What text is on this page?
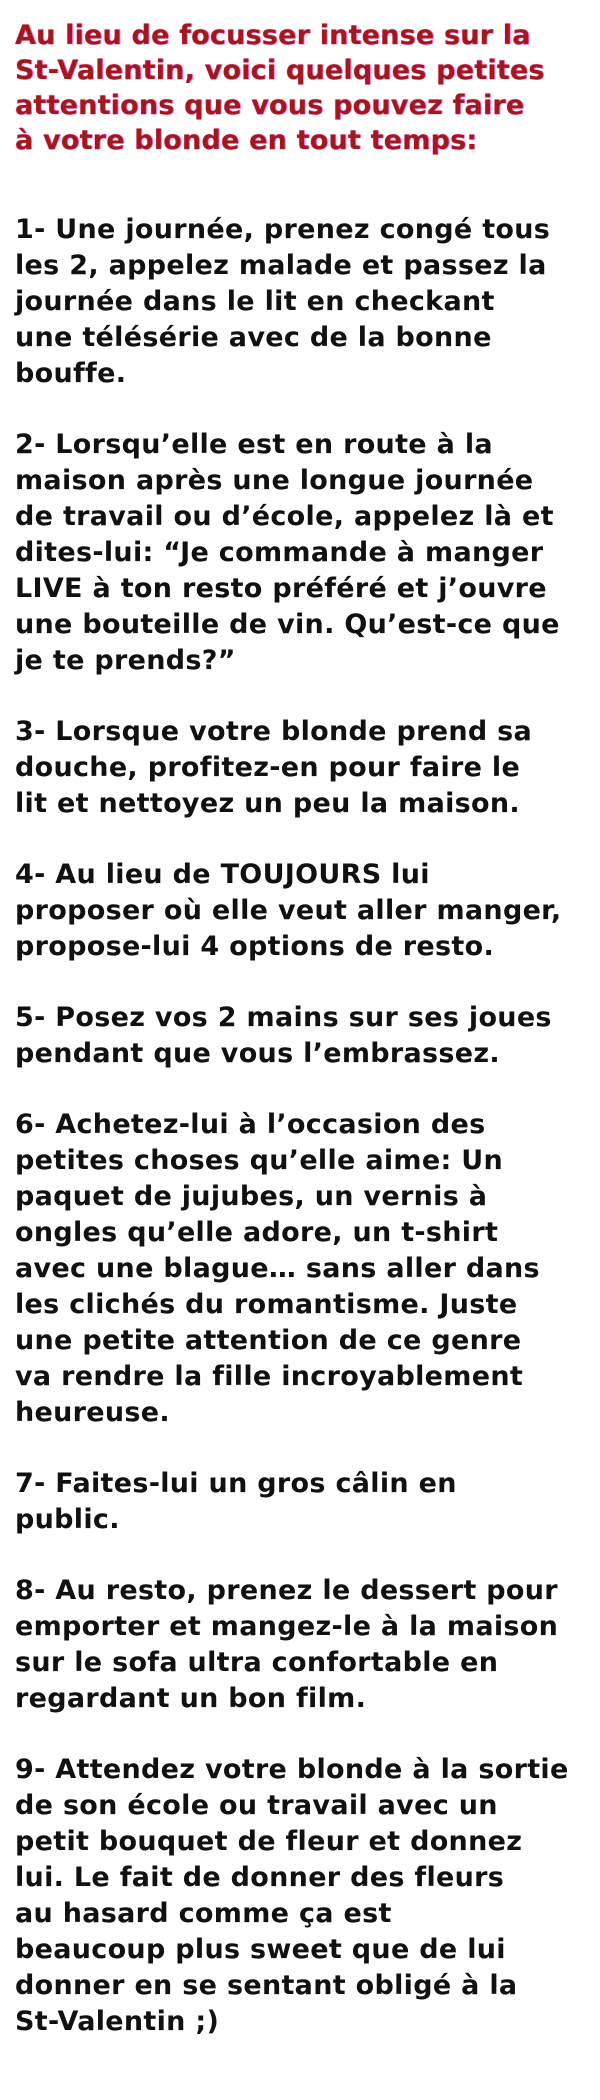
Au lieu de focusser intense sur la
St-Valentin, voici quelques petites
attentions que vous pouvez faire
à votre blonde en tout temps:
1- Une journée, prenez congé tous
les 2, appelez malade et passez la
journée dans le lit en checkant
une télésérie avec de la bonne
bouffe.
2- Lorsqu’elle est en route à la
maison après une longue journée
de travail ou d’école, appelez là et
dites-lui: “Je commande à manger
LIVE à ton resto préféré et j’ouvre
une bouteille de vin. Qu’est-ce que
je te prends?”
3- Lorsque votre blonde prend sa
douche, profitez-en pour faire le
lit et nettoyez un peu la maison.
4- Au lieu de TOUJOURS lui
proposer où elle veut aller manger,
propose-lui 4 options de resto.
5- Posez vos 2 mains sur ses joues
pendant que vous l’embrassez.
6- Achetez-lui à l’occasion des
petites choses qu’elle aime: Un
paquet de jujubes, un vernis à
ongles qu’elle adore, un t-shirt
avec une blague… sans aller dans
les clichés du romantisme. Juste
une petite attention de ce genre
va rendre la fille incroyablement
heureuse.
7- Faites-lui un gros câlin en
public.
8- Au resto, prenez le dessert pour
emporter et mangez-le à la maison
sur le sofa ultra confortable en
regardant un bon film.
9- Attendez votre blonde à la sortie
de son école ou travail avec un
petit bouquet de fleur et donnez
lui. Le fait de donner des fleurs
au hasard comme ça est
beaucoup plus sweet que de lui
donner en se sentant obligé à la
St-Valentin ;)
